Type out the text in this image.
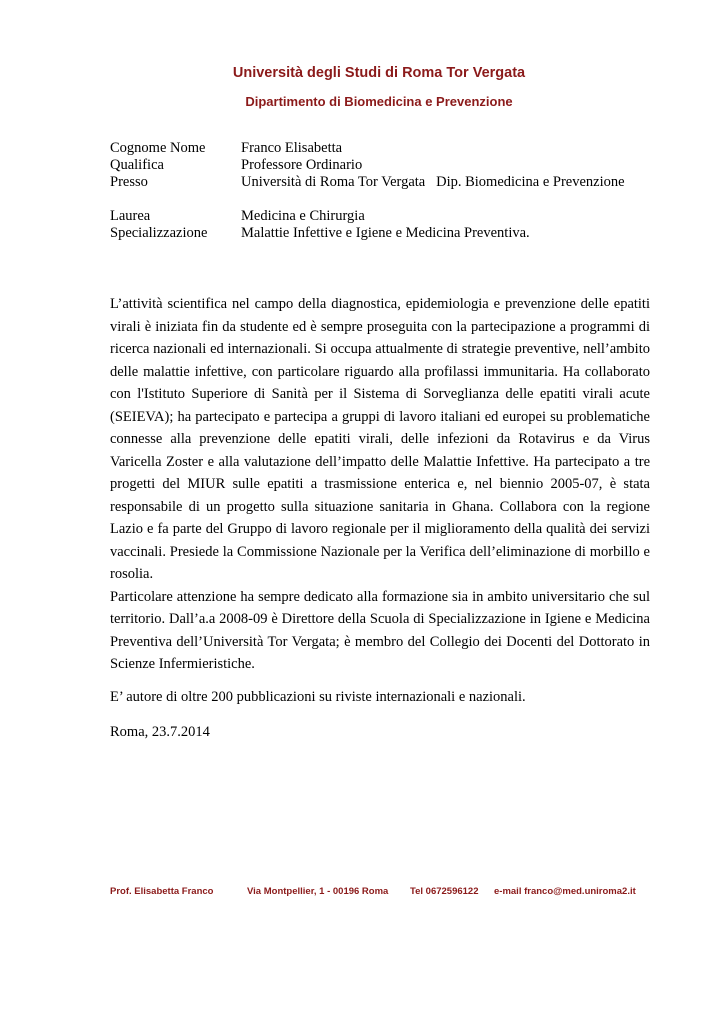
Università degli Studi di Roma Tor Vergata
Dipartimento di Biomedicina e Prevenzione
Cognome Nome	Franco Elisabetta
Qualifica	Professore Ordinario
Presso	Università di Roma Tor Vergata   Dip. Biomedicina e Prevenzione
Laurea	Medicina e Chirurgia
Specializzazione	Malattie Infettive e Igiene e Medicina Preventiva.

L’attività scientifica nel campo della diagnostica, epidemiologia e prevenzione delle epatiti virali è iniziata fin da studente ed è sempre proseguita con la partecipazione a programmi di ricerca nazionali ed internazionali. Si occupa attualmente di strategie preventive, nell’ambito delle malattie infettive, con particolare riguardo alla profilassi immunitaria. Ha collaborato con l'Istituto Superiore di Sanità per il Sistema di Sorveglianza delle epatiti virali acute (SEIEVA); ha partecipato e partecipa a gruppi di lavoro italiani ed europei su problematiche connesse alla prevenzione delle epatiti virali, delle infezioni da Rotavirus e da Virus Varicella Zoster e alla valutazione dell’impatto delle Malattie Infettive. Ha partecipato a tre progetti del MIUR sulle epatiti a trasmissione enterica e, nel biennio 2005-07, è stata responsabile di un progetto sulla situazione sanitaria in Ghana. Collabora con la regione Lazio e fa parte del Gruppo di lavoro regionale per il miglioramento della qualità dei servizi vaccinali. Presiede la Commissione Nazionale per la Verifica dell’eliminazione di morbillo e rosolia.

Particolare attenzione ha sempre dedicato alla formazione sia in ambito universitario che sul territorio. Dall’a.a 2008-09 è Direttore della Scuola di Specializzazione in Igiene e Medicina Preventiva dell’Università Tor Vergata; è membro del Collegio dei Docenti del Dottorato in Scienze Infermieristiche.

E’ autore di oltre 200 pubblicazioni su riviste internazionali e nazionali.

Roma, 23.7.2014

Prof. Elisabetta Franco	Via Montpellier, 1 - 00196 Roma Tel 0672596122 e-mail franco@med.uniroma2.it
